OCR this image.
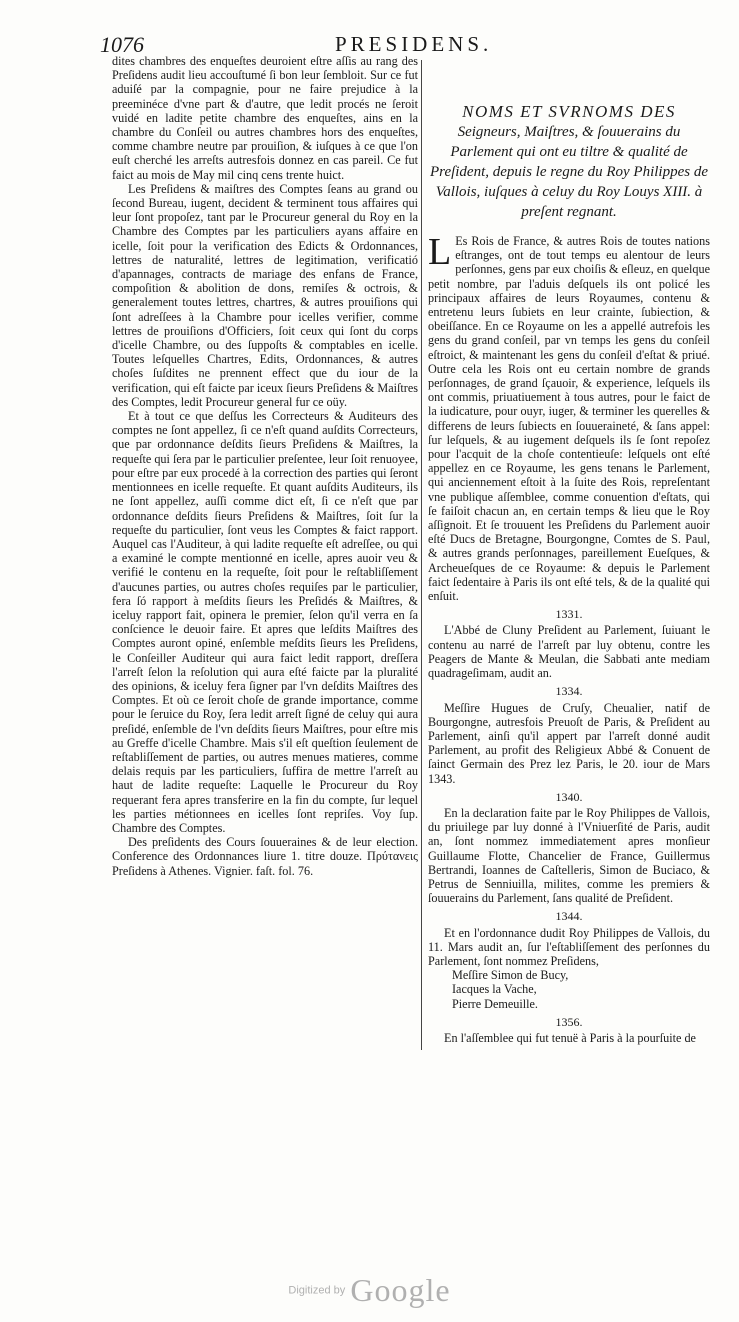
1076	PRESIDENS.

dites chambres des enqueſtes deuroient eſtre aſſis au rang des Preſidens audit lieu accouſtumé ſi bon leur ſembloit. Sur ce fut aduiſé par la compagnie, pour ne faire prejudice à la preeminéce d'vne part & d'autre, que ledit procés ne ſeroit vuidé en ladite petite chambre des enqueſtes, ains en la chambre du Conſeil ou autres chambres hors des enqueſtes, comme chambre neutre par prouiſion, & iuſques à ce que l'on euſt cherché les arreſts autresfois donnez en cas pareil. Ce fut faict au mois de May mil cinq cens trente huict.

Les Preſidens & maiſtres des Comptes ſeans au grand ou ſecond Bureau, iugent, decident & terminent tous affaires qui leur ſont propoſez, tant par le Procureur general du Roy en la Chambre des Comptes par les particuliers ayans affaire en icelle, ſoit pour la verification des Edicts & Ordonnances, lettres de naturalité, lettres de legitimation, verificatió d'apannages, contracts de mariage des enfans de France, compoſition & abolition de dons, remiſes & octrois, & generalement toutes lettres, chartres, & autres prouiſions qui ſont adreſſees à la Chambre pour icelles verifier, comme lettres de prouiſions d'Officiers, ſoit ceux qui ſont du corps d'icelle Chambre, ou des ſuppoſts & comptables en icelle. Toutes leſquelles Chartres, Edits, Ordonnances, & autres choſes ſuſdites ne prennent effect que du iour de la verification, qui eſt faicte par iceux ſieurs Preſidens & Maiſtres des Comptes, ledit Procureur general fur ce oüy.

Et à tout ce que deſſus les Correcteurs & Auditeurs des comptes ne ſont appellez, ſi ce n'eſt quand auſdits Correcteurs, que par ordonnance deſdits ſieurs Preſidens & Maiſtres, la requeſte qui ſera par le particulier preſentee, leur ſoit renuoyee, pour eſtre par eux procedé à la correction des parties qui ſeront mentionnees en icelle requeſte. Et quant auſdits Auditeurs, ils ne ſont appellez, auſſi comme dict eſt, ſi ce n'eſt que par ordonnance deſdits ſieurs Preſidens & Maiſtres, ſoit ſur la requeſte du particulier, ſont veus les Comptes & faict rapport. Auquel cas l'Auditeur, à qui ladite requeſte eſt adreſſee, ou qui a examiné le compte mentionné en icelle, apres auoir veu & verifié le contenu en la requeſte, ſoit pour le reſtabliſſement d'aucunes parties, ou autres choſes requiſes par le particulier, fera ſó rapport à meſdits ſieurs les Preſidés & Maiſtres, & iceluy rapport fait, opinera le premier, ſelon qu'il verra en ſa conſcience le deuoir faire. Et apres que leſdits Maiſtres des Comptes auront opiné, enſemble meſdits ſieurs les Preſidens, le Conſeiller Auditeur qui aura faict ledit rapport, dreſſera l'arreſt ſelon la reſolution qui aura eſté faicte par la pluralité des opinions, & iceluy fera ſigner par l'vn deſdits Maiſtres des Comptes. Et où ce ſeroit choſe de grande importance, comme pour le ſeruice du Roy, ſera ledit arreſt ſigné de celuy qui aura preſidé, enſemble de l'vn deſdits ſieurs Maiſtres, pour eſtre mis au Greffe d'icelle Chambre. Mais s'il eſt queſtion ſeulement de reſtabliſſement de parties, ou autres menues matieres, comme delais requis par les particuliers, ſuffira de mettre l'arreſt au haut de ladite requeſte: Laquelle le Procureur du Roy requerant fera apres transferire en la fin du compte, ſur lequel les parties métionnees en icelles ſont repriſes. Voy ſup. Chambre des Comptes.

Des preſidents des Cours ſouueraines & de leur election. Conference des Ordonnances liure 1. titre douze. Πρύτανεις Preſidens à Athenes. Vignier. faſt. fol. 76.

NOMS ET SVRNOMS DES
Seigneurs, Maiſtres, & ſouuerains du Parlement qui ont eu tiltre & qualité de Preſident, depuis le regne du Roy Philippes de Vallois, iuſques à celuy du Roy Louys XIII. à preſent regnant.

L Es Rois de France, & autres Rois de toutes nations eſtranges, ont de tout temps eu alentour de leurs perſonnes, gens par eux choiſis & eſleuz, en quelque petit nombre, par l'aduis deſquels ils ont policé les principaux affaires de leurs Royaumes, contenu & entretenu leurs ſubiets en leur crainte, ſubiection, & obeiſſance. En ce Royaume on les a appellé autrefois les gens du grand conſeil, par vn temps les gens du conſeil eſtroict, & maintenant les gens du conſeil d'eſtat & priué. Outre cela les Rois ont eu certain nombre de grands perſonnages, de grand ſçauoir, & experience, leſquels ils ont commis, priuatiuement à tous autres, pour le faict de la iudicature, pour ouyr, iuger, & terminer les querelles & differens de leurs ſubiects en ſouueraineté, & ſans appel: ſur leſquels, & au iugement deſquels ils ſe ſont repoſez pour l'acquit de la choſe contentieuſe: leſquels ont eſté appellez en ce Royaume, les gens tenans le Parlement, qui anciennement eſtoit à la ſuite des Rois, repreſentant vne publique aſſemblee, comme conuention d'eſtats, qui ſe faiſoit chacun an, en certain temps & lieu que le Roy aſſignoit. Et ſe trouuent les Preſidens du Parlement auoir eſté Ducs de Bretagne, Bourgongne, Comtes de S. Paul, & autres grands perſonnages, pareillement Eueſques, & Archeueſques de ce Royaume: & depuis le Parlement faict ſedentaire à Paris ils ont eſté tels, & de la qualité qui enſuit.

1331.

L'Abbé de Cluny Preſident au Parlement, ſuiuant le contenu au narré de l'arreſt par luy obtenu, contre les Peagers de Mante & Meulan, die Sabbati ante mediam quadrageſimam, audit an.

1334.

Meſſire Hugues de Cruſy, Cheualier, natif de Bourgongne, autresfois Preuoſt de Paris, & Preſident au Parlement, ainſi qu'il appert par l'arreſt donné audit Parlement, au profit des Religieux Abbé & Conuent de ſainct Germain des Prez lez Paris, le 20. iour de Mars 1343.

1340.

En la declaration faite par le Roy Philippes de Vallois, du priuilege par luy donné à l'Vniuerſité de Paris, audit an, ſont nommez immediatement apres monſieur Guillaume Flotte, Chancelier de France, Guillermus Bertrandi, Ioannes de Caſtelleris, Simon de Buciaco, & Petrus de Senniuilla, milites, comme les premiers & ſouuerains du Parlement, ſans qualité de Preſident.

1344.

Et en l'ordonnance dudit Roy Philippes de Vallois, du 11. Mars audit an, ſur l'eſtabliſſement des perſonnes du Parlement, ſont nommez Preſidens,

Meſſire Simon de Bucy,
Iacques la Vache,
Pierre Demeuille.
1356.

En l'aſſemblee qui fut tenuë à Paris à la pourſuite de

Digitized by Google
